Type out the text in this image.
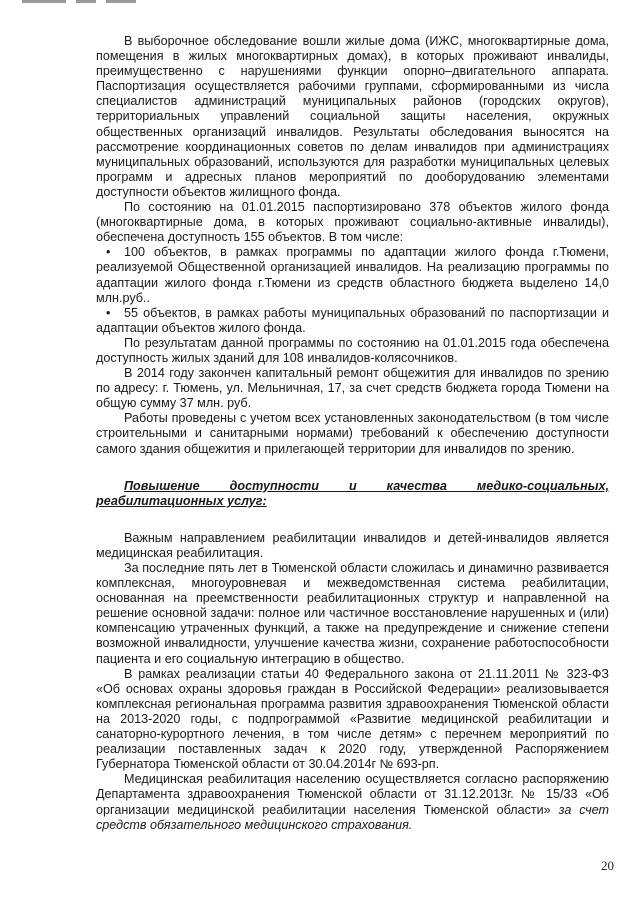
В выборочное обследование вошли жилые дома (ИЖС, многоквартирные дома, помещения в жилых многоквартирных домах), в которых проживают инвалиды, преимущественно с нарушениями функции опорно–двигательного аппарата. Паспортизация осуществляется рабочими группами, сформированными из числа специалистов администраций муниципальных районов (городских округов), территориальных управлений социальной защиты населения, окружных общественных организаций инвалидов. Результаты обследования выносятся на рассмотрение координационных советов по делам инвалидов при администрациях муниципальных образований, используются для разработки муниципальных целевых программ и адресных планов мероприятий по дооборудованию элементами доступности объектов жилищного фонда.

По состоянию на 01.01.2015 паспортизировано 378 объектов жилого фонда (многоквартирные дома, в которых проживают социально-активные инвалиды), обеспечена доступность 155 объектов. В том числе:

• 100 объектов, в рамках программы по адаптации жилого фонда г.Тюмени, реализуемой Общественной организацией инвалидов. На реализацию программы по адаптации жилого фонда г.Тюмени из средств областного бюджета выделено 14,0 млн.руб..

• 55 объектов, в рамках работы муниципальных образований по паспортизации и адаптации объектов жилого фонда.

По результатам данной программы по состоянию на 01.01.2015 года обеспечена доступность жилых зданий для 108 инвалидов-колясочников.

В 2014 году закончен капитальный ремонт общежития для инвалидов по зрению по адресу: г. Тюмень, ул. Мельничная, 17, за счет средств бюджета города Тюмени на общую сумму 37 млн. руб.

Работы проведены с учетом всех установленных законодательством (в том числе строительными и санитарными нормами) требований к обеспечению доступности самого здания общежития и прилегающей территории для инвалидов по зрению.

Повышение доступности и качества медико-социальных, реабилитационных услуг:

Важным направлением реабилитации инвалидов и детей-инвалидов является медицинская реабилитация.

За последние пять лет в Тюменской области сложилась и динамично развивается комплексная, многоуровневая и межведомственная система реабилитации, основанная на преемственности реабилитационных структур и направленной на решение основной задачи: полное или частичное восстановление нарушенных и (или) компенсацию утраченных функций, а также на предупреждение и снижение степени возможной инвалидности, улучшение качества жизни, сохранение работоспособности пациента и его социальную интеграцию в общество.

В рамках реализации статьи 40 Федерального закона от 21.11.2011 № 323-ФЗ «Об основах охраны здоровья граждан в Российской Федерации» реализовывается комплексная региональная программа развития здравоохранения Тюменской области на 2013-2020 годы, с подпрограммой «Развитие медицинской реабилитации и санаторно-курортного лечения, в том числе детям» с перечнем мероприятий по реализации поставленных задач к 2020 году, утвержденной Распоряжением Губернатора Тюменской области от 30.04.2014г № 693-рп.

Медицинская реабилитация населению осуществляется согласно распоряжению Департамента здравоохранения Тюменской области от 31.12.2013г. № 15/33 «Об организации медицинской реабилитации населения Тюменской области» за счет средств обязательного медицинского страхования.

20
